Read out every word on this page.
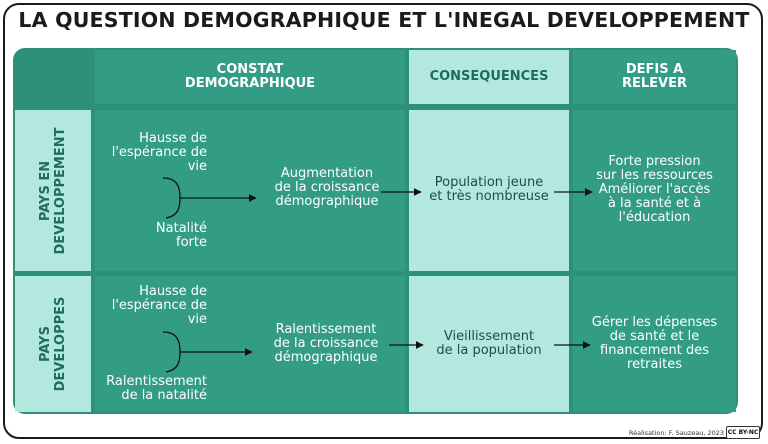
LA QUESTION DEMOGRAPHIQUE ET L'INEGAL DEVELOPPEMENT
CONSTAT
DEMOGRAPHIQUE	CONSEQUENCES	DEFIS A
RELEVER
PAYS EN DEVELOPPEMENT
PAYS DEVELOPPES
Hausse de
l'espérance de
vie
Natalité
forte
Augmentation
de la croissance
démographique
Population jeune
et très nombreuse
Forte pression
sur les ressources
Améliorer l'accès
à la santé et à
l'éducation
Hausse de
l'espérance de
vie
Ralentissement
de la natalité
Ralentissement
de la croissance
démographique
Vieillissement
de la population
Gérer les dépenses
de santé et le
financement des
retraites
Réalisation: F. Sauzeau, 2023 CC BY-NC
